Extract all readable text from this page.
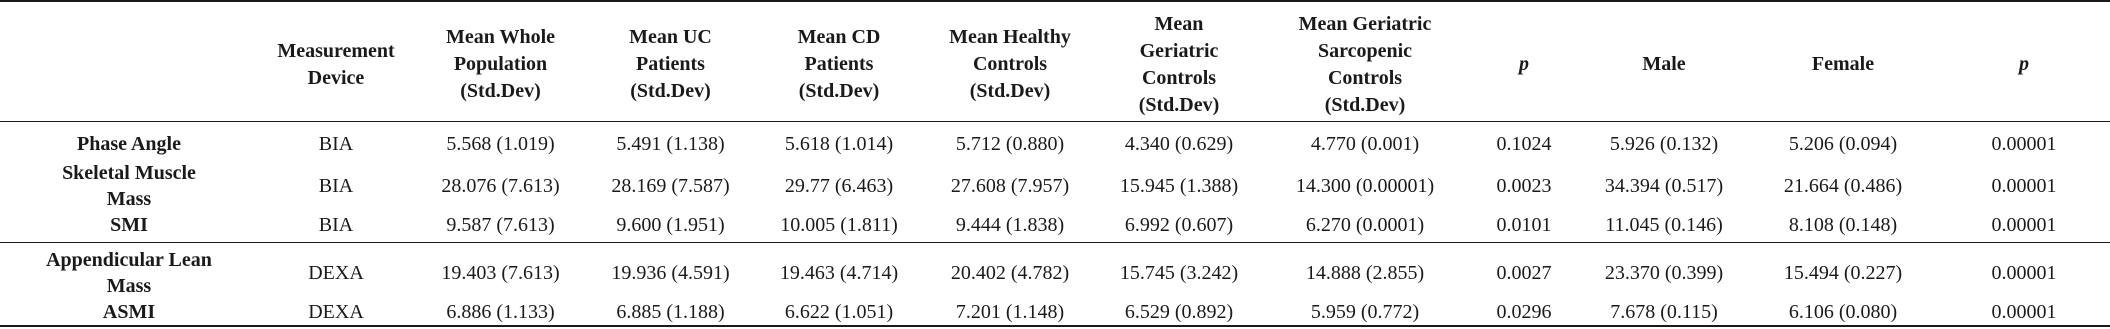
	Measurement
Device	Mean Whole
Population
(Std.Dev)	Mean UC
Patients
(Std.Dev)	Mean CD
Patients
(Std.Dev)	Mean Healthy
Controls
(Std.Dev)	Mean
Geriatric
Controls
(Std.Dev)	Mean Geriatric
Sarcopenic
Controls
(Std.Dev)	p	Male	Female	p
Phase Angle	BIA	5.568 (1.019)	5.491 (1.138)	5.618 (1.014)	5.712 (0.880)	4.340 (0.629)	4.770 (0.001)	0.1024	5.926 (0.132)	5.206 (0.094)	0.00001
Skeletal Muscle
Mass	BIA	28.076 (7.613)	28.169 (7.587)	29.77 (6.463)	27.608 (7.957)	15.945 (1.388)	14.300 (0.00001)	0.0023	34.394 (0.517)	21.664 (0.486)	0.00001
SMI	BIA	9.587 (7.613)	9.600 (1.951)	10.005 (1.811)	9.444 (1.838)	6.992 (0.607)	6.270 (0.0001)	0.0101	11.045 (0.146)	8.108 (0.148)	0.00001
Appendicular Lean
Mass	DEXA	19.403 (7.613)	19.936 (4.591)	19.463 (4.714)	20.402 (4.782)	15.745 (3.242)	14.888 (2.855)	0.0027	23.370 (0.399)	15.494 (0.227)	0.00001
ASMI	DEXA	6.886 (1.133)	6.885 (1.188)	6.622 (1.051)	7.201 (1.148)	6.529 (0.892)	5.959 (0.772)	0.0296	7.678 (0.115)	6.106 (0.080)	0.00001
